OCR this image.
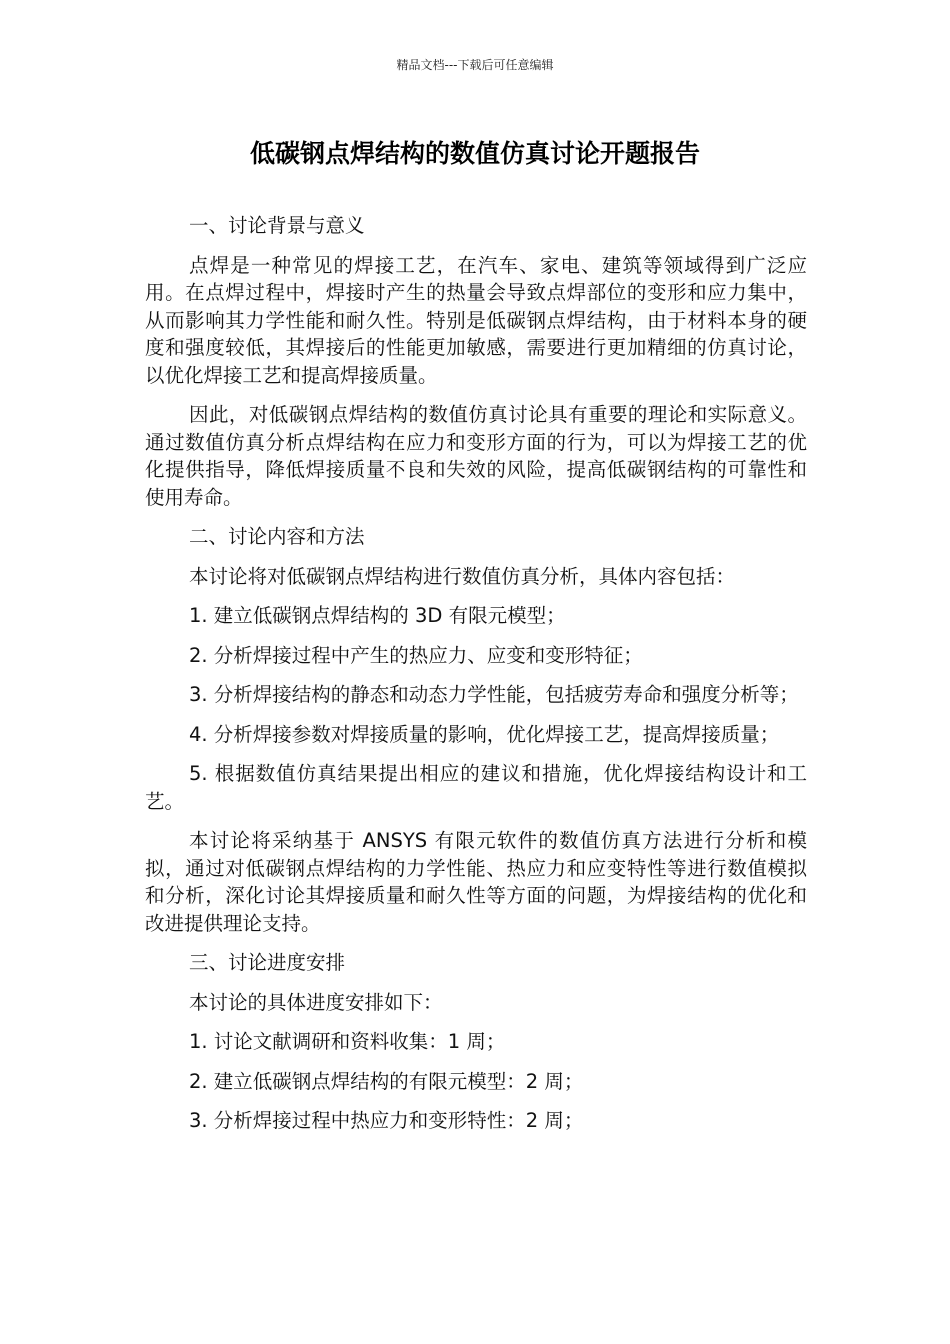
精品文档---下载后可任意编辑
低碳钢点焊结构的数值仿真讨论开题报告

一、讨论背景与意义

点焊是一种常见的焊接工艺，在汽车、家电、建筑等领域得到广泛应用。在点焊过程中，焊接时产生的热量会导致点焊部位的变形和应力集中，从而影响其力学性能和耐久性。特别是低碳钢点焊结构，由于材料本身的硬度和强度较低，其焊接后的性能更加敏感，需要进行更加精细的仿真讨论，以优化焊接工艺和提高焊接质量。

因此，对低碳钢点焊结构的数值仿真讨论具有重要的理论和实际意义。通过数值仿真分析点焊结构在应力和变形方面的行为，可以为焊接工艺的优化提供指导，降低焊接质量不良和失效的风险，提高低碳钢结构的可靠性和使用寿命。

二、讨论内容和方法

本讨论将对低碳钢点焊结构进行数值仿真分析，具体内容包括：

1. 建立低碳钢点焊结构的 3D 有限元模型；

2. 分析焊接过程中产生的热应力、应变和变形特征；

3. 分析焊接结构的静态和动态力学性能，包括疲劳寿命和强度分析等；

4. 分析焊接参数对焊接质量的影响，优化焊接工艺，提高焊接质量；

5. 根据数值仿真结果提出相应的建议和措施，优化焊接结构设计和工艺。

本讨论将采纳基于 ANSYS 有限元软件的数值仿真方法进行分析和模拟，通过对低碳钢点焊结构的力学性能、热应力和应变特性等进行数值模拟和分析，深化讨论其焊接质量和耐久性等方面的问题，为焊接结构的优化和改进提供理论支持。

三、讨论进度安排

本讨论的具体进度安排如下：

1. 讨论文献调研和资料收集：1 周；

2. 建立低碳钢点焊结构的有限元模型：2 周；

3. 分析焊接过程中热应力和变形特性：2 周；
